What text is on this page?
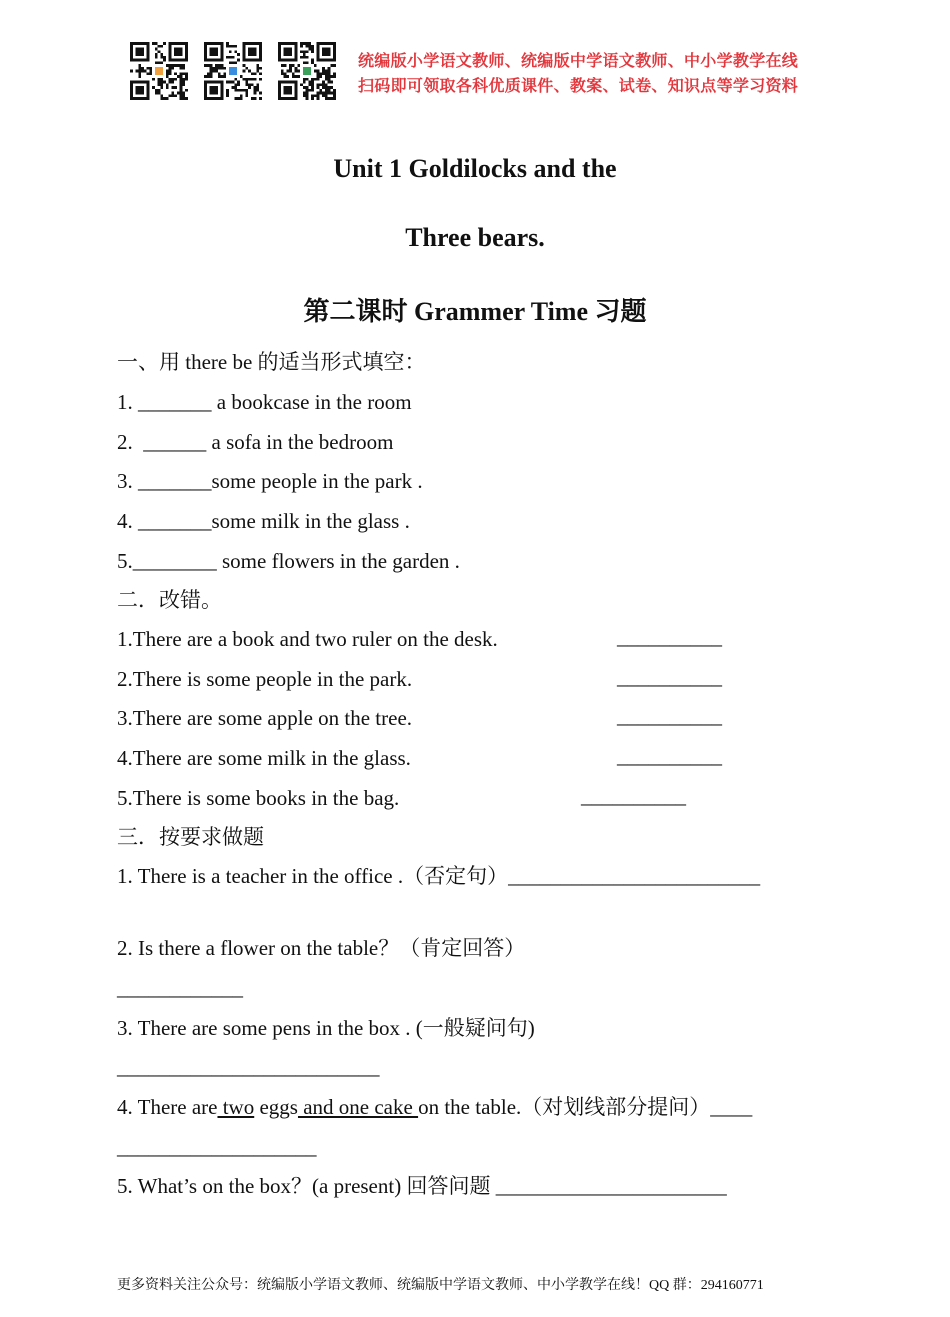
统编版小学语文教师、统编版中学语文教师、中小学教学在线
扫码即可领取各科优质课件、教案、试卷、知识点等学习资料
Unit 1 Goldilocks and the
Three bears.
第二课时 Grammer Time 习题
一、用 there be 的适当形式填空：
1. _______ a bookcase in the room
2.  ______ a sofa in the bedroom
3. _______some people in the park .
4. _______some milk in the glass .
5.________ some flowers in the garden .
二．改错。
1.There are a book and two ruler on the desk.	__________
2.There is some people in the park.	__________
3.There are some apple on the tree.	__________
4.There are some milk in the glass.	__________
5.There is some books in the bag.	__________
三．按要求做题
1. There is a teacher in the office .（否定句）________________________
2. Is there a flower on the table？（肯定回答）
____________
3. There are some pens in the box . (一般疑问句)
_________________________
4. There are two eggs and one cake on the table.（对划线部分提问）____
___________________
5. What’s on the box？(a present) 回答问题 ______________________
更多资料关注公众号：统编版小学语文教师、统编版中学语文教师、中小学教学在线！QQ 群：294160771
